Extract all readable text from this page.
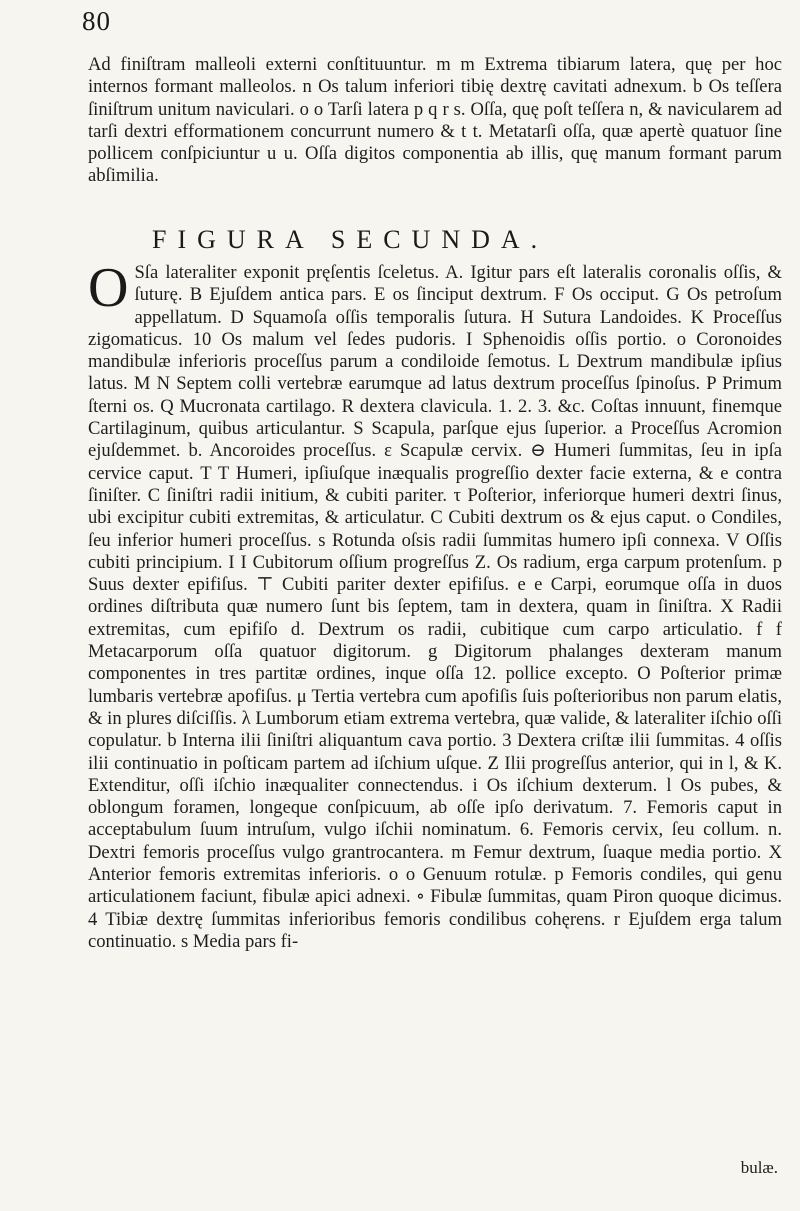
80
Ad finiſtram malleoli externi conſtituuntur. m m Extrema tibiarum latera, quę per hoc internos formant malleolos. n Os talum inferiori tibię dextrę cavitati adnexum. b Os teſſera ſiniſtrum unitum naviculari. o o Tarſi latera p q r s. Oſſa, quę poſt teſſera n, & navicularem ad tarſi dextri efformationem concurrunt numero & t t. Metatarſi oſſa, quæ apertè quatuor ſine pollicem conſpiciuntur u u. Oſſa digitos componentia ab illis, quę manum formant parum abſimilia.
FIGURA SECUNDA.
O Sſa lateraliter exponit pręſentis ſceletus. A. Igitur pars eſt lateralis coronalis oſſis, & ſuturę. B Ejuſdem antica pars. E os ſinciput dextrum. F Os occiput. G Os petroſum appellatum. D Squamoſa oſſis temporalis ſutura. H Sutura Landoides. K Proceſſus zigomaticus. 10 Os malum vel ſedes pudoris. I Sphenoidis oſſis portio. o Coronoides mandibulæ inferioris proceſſus parum a condiloide ſemotus. L Dextrum mandibulæ ipſius latus. M N Septem colli vertebræ earumque ad latus dextrum proceſſus ſpinoſus. P Primum ſterni os. Q Mucronata cartilago. R dextera clavicula. 1. 2. 3. &c. Coſtas innuunt, finemque Cartilaginum, quibus articulantur. S Scapula, parſque ejus ſuperior. a Proceſſus Acromion ejuſdemmet. b. Ancoroides proceſſus. ε Scapulæ cervix. ⊖ Humeri ſummitas, ſeu in ipſa cervice caput. T T Humeri, ipſiuſque inæqualis progreſſio dexter facie externa, & e contra ſiniſter. C ſiniſtri radii initium, & cubiti pariter. τ Poſterior, inferiorque humeri dextri ſinus, ubi excipitur cubiti extremitas, & articulatur. C Cubiti dextrum os & ejus caput. o Condiles, ſeu inferior humeri proceſſus. s Rotunda oſsis radii ſummitas humero ipſi connexa. V Oſſis cubiti principium. I I Cubitorum oſſium progreſſus Z. Os radium, erga carpum protenſum. p Suus dexter epifiſus. ⊤ Cubiti pariter dexter epifiſus. e e Carpi, eorumque oſſa in duos ordines diſtributa quæ numero ſunt bis ſeptem, tam in dextera, quam in ſiniſtra. X Radii extremitas, cum epifiſo d. Dextrum os radii, cubitique cum carpo articulatio. f f Metacarporum oſſa quatuor digitorum. g Digitorum phalanges dexteram manum componentes in tres partitæ ordines, inque oſſa 12. pollice excepto. O Poſterior primæ lumbaris vertebræ apofiſus. μ Tertia vertebra cum apofiſis ſuis poſterioribus non parum elatis, & in plures diſciſſis. λ Lumborum etiam extrema vertebra, quæ valide, & lateraliter iſchio oſſi copulatur. b Interna ilii ſiniſtri aliquantum cava portio. 3 Dextera criſtæ ilii ſummitas. 4 oſſis ilii continuatio in poſticam partem ad iſchium uſque. Z Ilii progreſſus anterior, qui in l, & K. Extenditur, oſſi iſchio inæqualiter connectendus. i Os iſchium dexterum. l Os pubes, & oblongum foramen, longeque conſpicuum, ab oſſe ipſo derivatum. 7. Femoris caput in acceptabulum ſuum intruſum, vulgo iſchii nominatum. 6. Femoris cervix, ſeu collum. n. Dextri femoris proceſſus vulgo grantrocantera. m Femur dextrum, ſuaque media portio. X Anterior femoris extremitas inferioris. o o Genuum rotulæ. p Femoris condiles, qui genu articulationem faciunt, fibulæ apici adnexi. ∘ Fibulæ ſummitas, quam Piron quoque dicimus. 4 Tibiæ dextrę ſummitas inferioribus femoris condilibus cohęrens. r Ejuſdem erga talum continuatio. s Media pars fi-
bulæ.
